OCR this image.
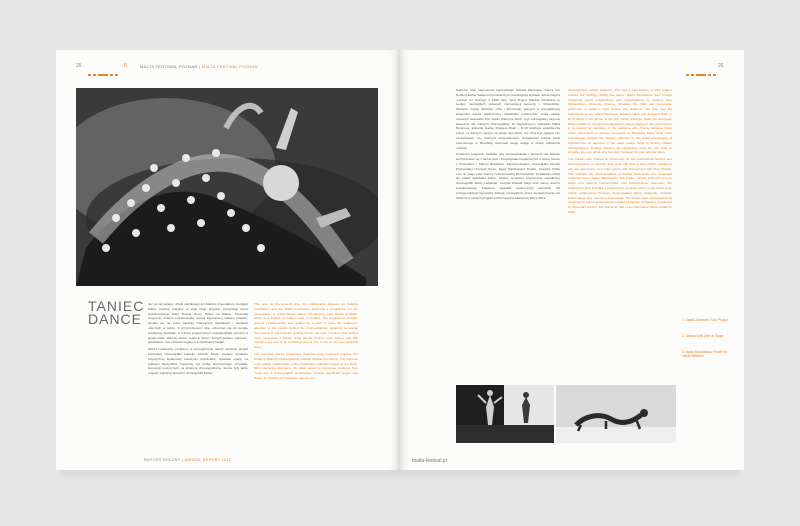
25	II	MALTA FESTIWAL POZNAŃ | MALTA FESTIVAL POZNAN	26
TANIEC
DANCE

Już po raz kolejny, dzięki współpracy Art Stations Foundation i Fundacji Malta, powstał unikalny w skali kraju program prezentacji tańca współczesnego Stary Browar Nowy Taniec na Malcie. Kuratorka programu, Joanna Leśnierowska, twórca tegorocznej odsłony projektu, skupiła się na coraz bardziej znaczących zjawiskach i trendach obecnych w tańcu. Z przymrużeniem oka, odnosząc się do tematu wiodącego festiwalu, w tekście programowym zapowiedziała „wiersze w języku ciała”. Wierszy tańca, „made in Chins”, których gestem, wyborem, spektaklem, stoi człowiek bogaty w indywidualny bagaż.

Wśród noteworthy programu w szczególności należy wskazać projekt berlińskiej choreografki Isabelle Schade Music, będący wynikiem artystycznej kolaboracji kolektywu Practicable. Spektakl oparty na praktyce Body-Mind Centering był próbą artystycznego przekładu koncepcji muzycznych na strukturę choreograficzną, istotne były także projekty wiązanej tancerki i choreografki Esther

This year, for the seventh time, the collaboration between Art Stations Foundation and the Malta Foundation produced a programme for the presentation of contemporary dance, Old Brewery New Dance at Malta, which is a project of unique scale in Poland. The programme Curator, Joanna Leśnierowska, was guided by a wish to draw the audience's attention to the people behind the choreographies depicting somewhat humorously to the festival's guiding theme she said: "I believe that behind every movement a human being stands, behind every choice, and that behind every one is an individual who is rich in his or her own personal story."

The extensive Dance programme featured many important projects. For instance Music by choreographer Isabelle Schade from Berlin. The outcome of an artistic collaboration of the Practicable collective based on the Body-Mind Centering approach, the show aimed to transpose concepts from music into a choreographic construction. Another significant project was Dance for Nothing by Hungarian dancer and

RAPORT ROCZNY | ANNUAL REPORT 2012

Salomon oraz nagrodzona improwizacja Dawida Zambrano. Dance For Nothing Esther Salamon był tanecznym transkrypcją wykładu Johna Cage'a „Lecture for Nothing” z 1959 roku. Soul Project Dawida Zambrano to siedem niezwykłych solowych improwizacji tancerzy z Mozambiku, Słowenii, Grecji, Słowacji, USA i Wenezueli, granych w przypadkowej kolejności wśród publiczności. Maltańska publiczność miała okazję zobaczyć laureatów Prix Jardin d'Europe 2010, czyli europejskiej nagrody tanecznej dla młodych choreografów. W nagrodzonym spektaklu Maria Baroncea, Eduarda Gabia, Dragana Bulut – B.I.D widziane współtworzą pokaz, że każdym naszym na swoje decyzjach, czy chcą być zgiętym czy uczestnikami, czy biernymi obserwatorami. Szwajcarski artysta Chris Leuenberger w Miscibility skierował swoją uwagę w stronę odbiorców mediów.

Kuratorka programu zadbała, aby choreografowie i tancerze we świecie konfrontować się z tancerzami i choreografami kojarzonymi w dużej mierze z Poznaniem i Starym Browarem. Zaprezentowano choreografie Renaty Piotrowskiej Unknown.Score, Agaty Maszkiewicz Potato, Janusza Orlika Live on stage oraz Joanny Leśnierowskiej Retrospekcja. Dodatkowo odbył się pokaz spektaklu Anthe, będący wynikiem artystycznej współpracy choreografki Marty Ladjaniak, muzyka Dawida Vargi oraz samej Joanny Leśnierowskiej. Pokazom spektakli towarzyszyły warsztaty dla profesjonalistów Dynamika Dialogu prowadzone przez stowarzyszenie Art Stations w ramach programu Alternatywna Akademia Tańca 2012.

choreographer Esther Salamon. This was a transcription of John Cage's Lecture For Nothing (1959) into dance. David Zambrano's Soul Project comprised seven extraordinary solo improvisations by dancers from Mozambique, Slovenia, Greece, Slovakia, the USA and Venezuela, performed in random order among the audience. We also had the opportunity to see Maria Baroncea, Eduard Gabia and Dragana Bulut in B.I.D which is the winner of the Prix Jardin d'Europe 2010 (the European Dance Award for Young Choreographers). Each staging of this performance is co-created by members of the audience who choose between being active participants or passive observers. In Miscibility Swiss artist Chris Leuenberger brought the viewers' attention to the social phenomena of togetherness as depicted in the mass media, while in Mining Chilean artist/performer Rodrigo Sobarzo de Larraechea used his own body to visualise the ever advancing boundary between the past and the future.

The Curator also created an opportunity for the international dancers and choreographers to confront their work with that of their Polish colleagues who are associated, to a major extent, with Poznań and with Stary Browar. This included the choreographies of Renata Piotrowska who presented Unknown.Score, Agata Maszkiewicz with Potato, Janusz Orlik with Live on stage and Joanna Leśnierowska with Retrospekcja. Moreover, the programme also included a performance of Anthe which is the result of an artistic collaboration between choreographer Marta Ladjaniak, musician Dawid Varga and Joanna Leśnierowska. The shows were accompanied by coaching for dance professionals entitled Dynamics of Dialogue conducted by Slovenian teacher Jurij Konjar as part of the Alternative Dance Academy 2012.

1. Dawid Zambrano Soul Project
2. Janusz Orlik Live on Stage
3. Agata Maszkiewicz Potato fot. Jakub Wittchen
malta-festival.pl
